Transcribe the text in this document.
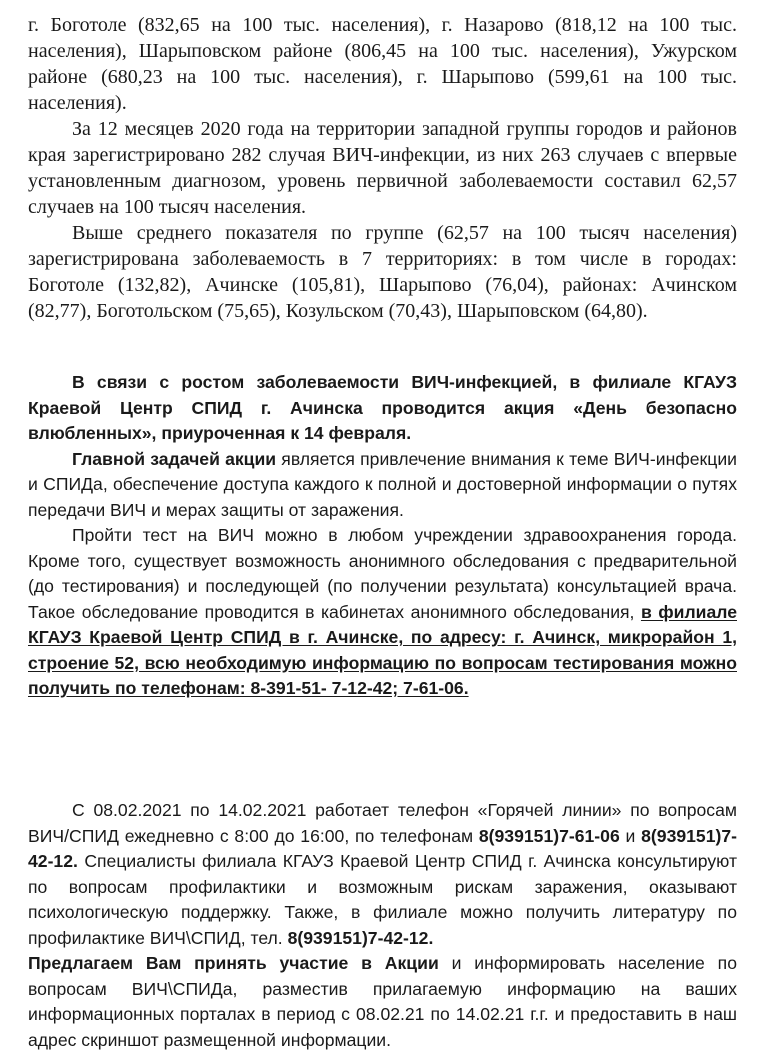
г. Боготоле (832,65 на 100 тыс. населения), г. Назарово (818,12 на 100 тыс. населения), Шарыповском районе (806,45 на 100 тыс. населения), Ужурском районе (680,23 на 100 тыс. населения), г. Шарыпово (599,61 на 100 тыс. населения).

За 12 месяцев 2020 года на территории западной группы городов и районов края зарегистрировано 282 случая ВИЧ-инфекции, из них 263 случаев с впервые установленным диагнозом, уровень первичной заболеваемости составил 62,57 случаев на 100 тысяч населения.

Выше среднего показателя по группе (62,57 на 100 тысяч населения) зарегистрирована заболеваемость в 7 территориях: в том числе в городах: Боготоле (132,82), Ачинске (105,81), Шарыпово (76,04), районах: Ачинском (82,77), Боготольском (75,65), Козульском (70,43), Шарыповском (64,80).

В связи с ростом заболеваемости ВИЧ-инфекцией, в филиале КГАУЗ Краевой Центр СПИД г. Ачинска проводится акция «День безопасно влюбленных», приуроченная к 14 февраля.

Главной задачей акции является привлечение внимания к теме ВИЧ-инфекции и СПИДа, обеспечение доступа каждого к полной и достоверной информации о путях передачи ВИЧ и мерах защиты от заражения.

Пройти тест на ВИЧ можно в любом учреждении здравоохранения города. Кроме того, существует возможность анонимного обследования с предварительной (до тестирования) и последующей (по получении результата) консультацией врача. Такое обследование проводится в кабинетах анонимного обследования, в филиале КГАУЗ Краевой Центр СПИД в г. Ачинске, по адресу: г. Ачинск, микрорайон 1, строение 52, всю необходимую информацию по вопросам тестирования можно получить по телефонам: 8-391-51- 7-12-42; 7-61-06.

С 08.02.2021 по 14.02.2021 работает телефон «Горячей линии» по вопросам ВИЧ/СПИД ежедневно с 8:00 до 16:00, по телефонам 8(939151)7-61-06 и 8(939151)7-42-12. Специалисты филиала КГАУЗ Краевой Центр СПИД г. Ачинска консультируют по вопросам профилактики и возможным рискам заражения, оказывают психологическую поддержку. Также, в филиале можно получить литературу по профилактике ВИЧ\СПИД, тел. 8(939151)7-42-12.

Предлагаем Вам принять участие в Акции и информировать население по вопросам ВИЧ\СПИДа, разместив прилагаемую информацию на ваших информационных порталах в период с 08.02.21 по 14.02.21 г.г. и предоставить в наш адрес скриншот размещенной информации.
